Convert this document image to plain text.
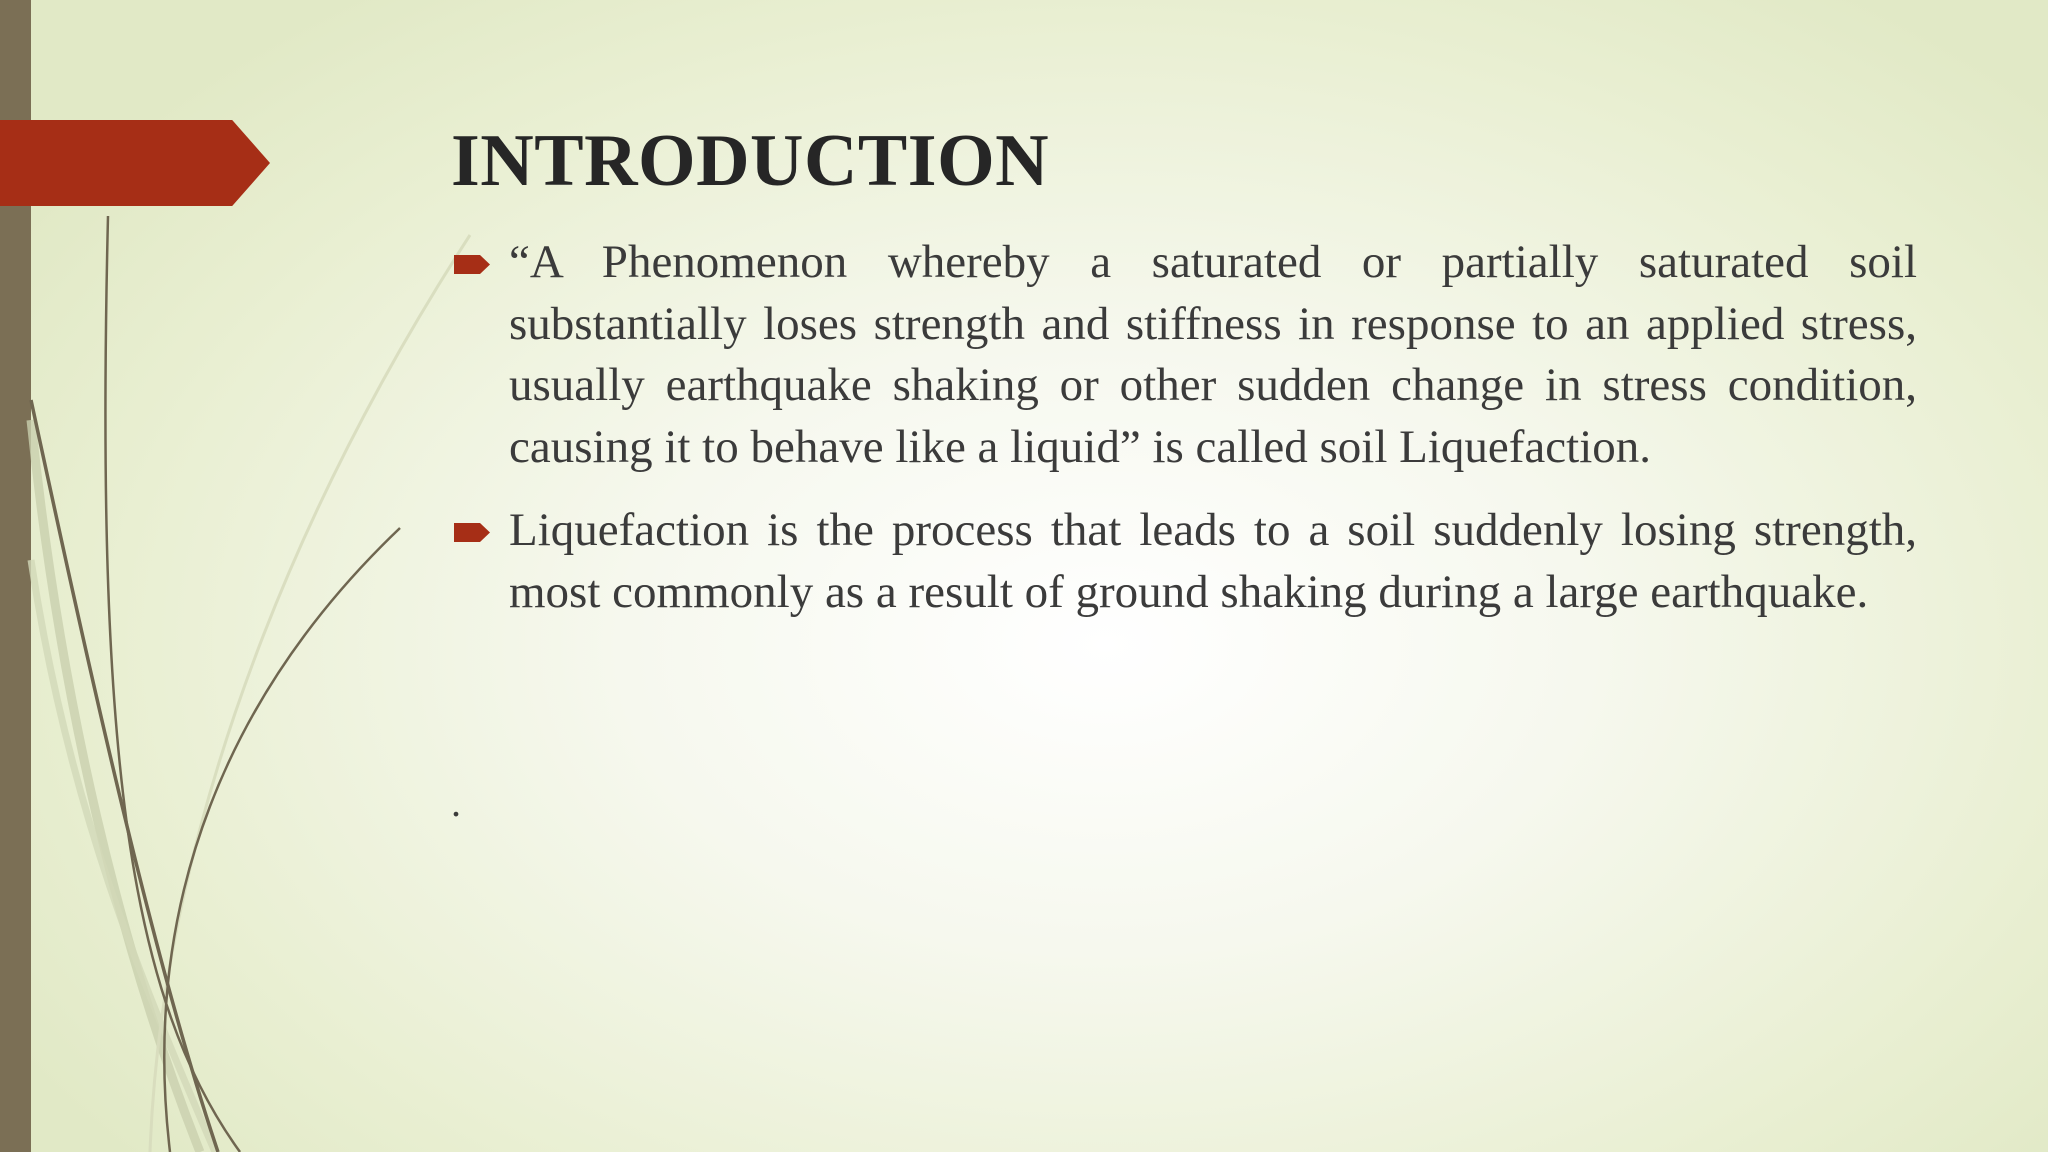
INTRODUCTION
“A Phenomenon whereby a saturated or partially saturated soil substantially loses strength and stiffness in response to an applied stress, usually earthquake shaking or other sudden change in stress condition, causing it to behave like a liquid” is called soil Liquefaction.
Liquefaction is the process that leads to a soil suddenly losing strength, most commonly as a result of ground shaking during a large earthquake.
.
